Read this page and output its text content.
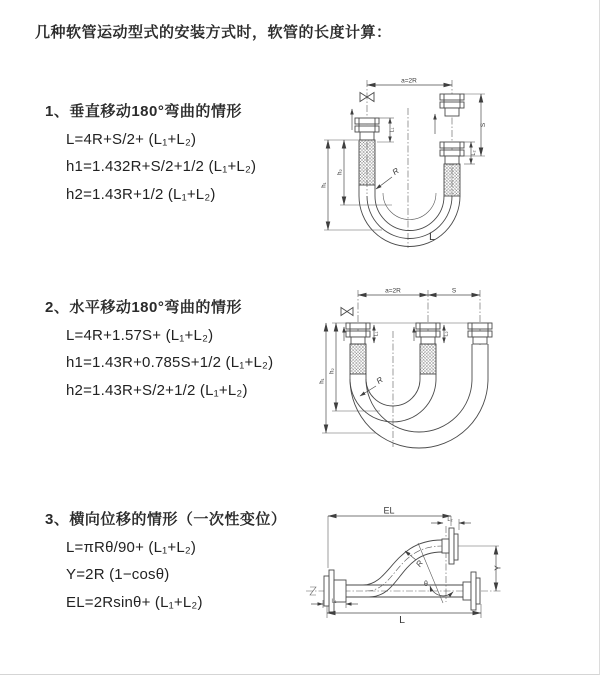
几种软管运动型式的安装方式时，软管的长度计算：
1、垂直移动180°弯曲的情形
L=4R+S/2+ (L₁+L₂)
h1=1.432R+S/2+1/2 (L₁+L₂)
h2=1.43R+1/2 (L₁+L₂)
a=2R
h₁
h₂
L₁
L₂
S
R
L
2、水平移动180°弯曲的情形
L=4R+1.57S+ (L₁+L₂)
h1=1.43R+0.785S+1/2 (L₁+L₂)
h2=1.43R+S/2+1/2 (L₁+L₂)
a=2R	S
h₁
h₂
L₁	L₂
R
3、横向位移的情形（一次性变位）
L=πRθ/90+ (L₁+L₂)
Y=2R (1−cosθ)
EL=2Rsinθ+ (L₁+L₂)
EL
L₂
Y
R
θ
L₁
L
